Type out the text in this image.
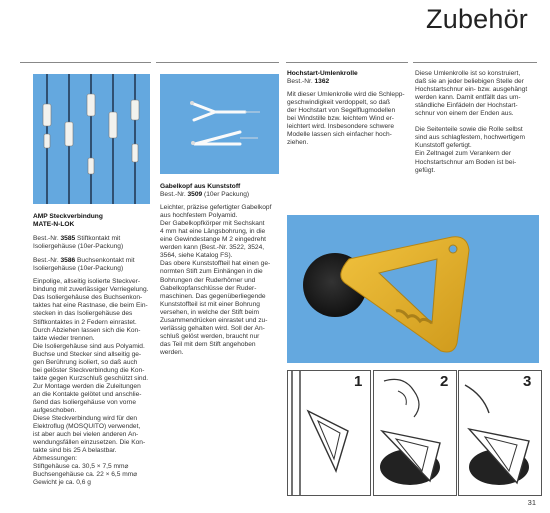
Zubehör
AMP Steckverbindung
MATE-N-LOK
Best.-Nr. 3585 Stiftkontakt mit
Isoliergehäuse (10er-Packung)
Best.-Nr. 3586 Buchsenkontakt mit
Isoliergehäuse (10er-Packung)
Einpolige, allseitig isolierte Steckver-
bindung mit zuverlässiger Verriegelung.
Das Isoliergehäuse des Buchsenkon-
taktes hat eine Rastnase, die beim Ein-
stecken in das Isoliergehäuse des
Stiftkontaktes in 2 Federn einrastet.
Durch Abziehen lassen sich die Kon-
takte wieder trennen.
Die Isoliergehäuse sind aus Polyamid.
Buchse und Stecker sind allseitig ge-
gen Berührung isoliert, so daß auch
bei gelöster Steckverbindung die Kon-
takte gegen Kurzschluß geschützt sind.
Zur Montage werden die Zuleitungen
an die Kontakte gelötet und anschlie-
ßend das Isoliergehäuse von vorne
aufgeschoben.
Diese Steckverbindung wird für den
Elektroflug (MOSQUITO) verwendet,
ist aber auch bei vielen anderen An-
wendungsfällen einzusetzen. Die Kon-
takte sind bis 25 A belastbar.
Abmessungen:
Stiftgehäuse ca. 30,5 × 7,5 mm⌀
Buchsengehäuse ca. 22 × 6,5 mm⌀
Gewicht je ca. 0,6 g
Gabelkopf aus Kunststoff
Best.-Nr. 3509 (10er Packung)
Leichter, präzise gefertigter Gabelkopf
aus hochfestem Polyamid.
Der Gabelkopfkörper mit Sechskant
4 mm hat eine Längsbohrung, in die
eine Gewindestange M 2 eingedreht
werden kann (Best.-Nr. 3522, 3524,
3564, siehe Katalog FS).
Das obere Kunststoffteil hat einen ge-
normten Stift zum Einhängen in die
Bohrungen der Ruderhörner und
Gabelkopfanschlüsse der Ruder-
maschinen. Das gegenüberliegende
Kunststoffteil ist mit einer Bohrung
versehen, in welche der Stift beim
Zusammendrücken einrastet und zu-
verlässig gehalten wird. Soll der An-
schluß gelöst werden, braucht nur
das Teil mit dem Stift angehoben
werden.
Hochstart-Umlenkrolle
Best.-Nr. 1362
Mit dieser Umlenkrolle wird die Schlepp-
geschwindigkeit verdoppelt, so daß
der Hochstart von Segelflugmodellen
bei Windstille bzw. leichtem Wind er-
leichtert wird. Insbesondere schwere
Modelle lassen sich einfacher hoch-
ziehen.
Diese Umlenkrolle ist so konstruiert,
daß sie an jeder beliebigen Stelle der
Hochstartschnur ein- bzw. ausgehängt
werden kann. Damit entfällt das um-
ständliche Einfädeln der Hochstart-
schnur von einem der Enden aus.

Die Seitenteile sowie die Rolle selbst
sind aus schlagfestem, hochwertigem
Kunststoff gefertigt.
Ein Zeltnagel zum Verankern der
Hochstartschnur am Boden ist bei-
gefügt.
1	2	3
31
